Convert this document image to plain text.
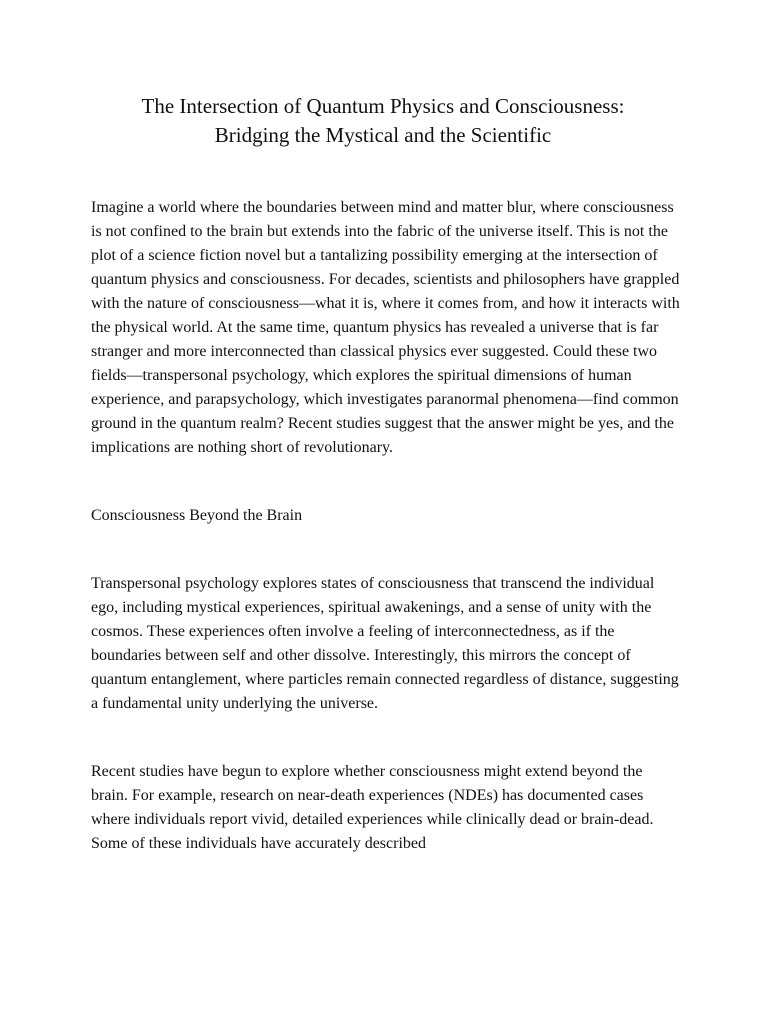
The Intersection of Quantum Physics and Consciousness:
Bridging the Mystical and the Scientific

Imagine a world where the boundaries between mind and matter blur, where consciousness is not confined to the brain but extends into the fabric of the universe itself. This is not the plot of a science fiction novel but a tantalizing possibility emerging at the intersection of quantum physics and consciousness. For decades, scientists and philosophers have grappled with the nature of consciousness—what it is, where it comes from, and how it interacts with the physical world. At the same time, quantum physics has revealed a universe that is far stranger and more interconnected than classical physics ever suggested. Could these two fields—transpersonal psychology, which explores the spiritual dimensions of human experience, and parapsychology, which investigates paranormal phenomena—find common ground in the quantum realm? Recent studies suggest that the answer might be yes, and the implications are nothing short of revolutionary.

Consciousness Beyond the Brain

Transpersonal psychology explores states of consciousness that transcend the individual ego, including mystical experiences, spiritual awakenings, and a sense of unity with the cosmos. These experiences often involve a feeling of interconnectedness, as if the boundaries between self and other dissolve. Interestingly, this mirrors the concept of quantum entanglement, where particles remain connected regardless of distance, suggesting a fundamental unity underlying the universe.

Recent studies have begun to explore whether consciousness might extend beyond the brain. For example, research on near-death experiences (NDEs) has documented cases where individuals report vivid, detailed experiences while clinically dead or brain-dead. Some of these individuals have accurately described
